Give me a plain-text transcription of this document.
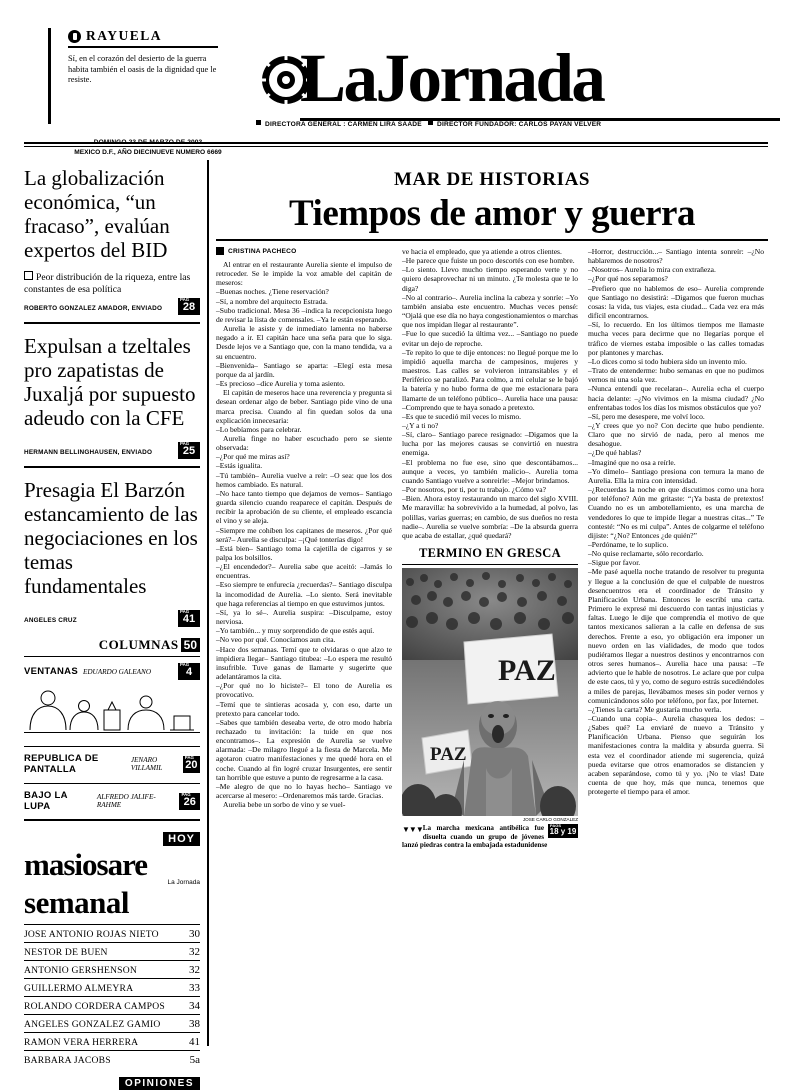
RAYUELA
Sí, en el corazón del desierto de la guerra habita también el oasis de la dignidad que le resiste.	LaJornada
DIRECTORA GENERAL : CARMEN LIRA SAADE DIRECTOR FUNDADOR: CARLOS PAYAN VELVER
MEXICO D.F., AÑO DIECINUEVE NUMERO 6669
La globalización económica, “un fracaso”, evalúan expertos del BID
Peor distribución de la riqueza, entre las constantes de esa política
PAG
28
ROBERTO GONZALEZ AMADOR, ENVIADO
Expulsan a tzeltales pro zapatistas de Juxaljá por supuesto adeudo con la CFE
PAG
25
HERMANN BELLINGHAUSEN, ENVIADO
Presagia El Barzón estancamiento de las negociaciones en los temas fundamentales
PAG
41
ANGELES CRUZ
COLUMNAS 50
VENTANAS EDUARDO GALEANO
PAG
4
REPUBLICA DE PANTALLA
JENARO VILLAMIL
PAG
20
BAJO LA LUPA
ALFREDO JALIFE-RAHME
PAG
26
HOY
masiosare
La Jornada
semanal
JOSE ANTONIO ROJAS NIETO	30
NESTOR DE BUEN	32
ANTONIO GERSHENSON	32
GUILLERMO ALMEYRA	33
ROLANDO CORDERA CAMPOS 34
ANGELES GONZALEZ GAMIO	38
RAMON VERA HERRERA	41
BARBARA JACOBS	5a
OPINIONES
MAR DE HISTORIAS
Tiempos de amor y guerra
CRISTINA PACHECO

Al entrar en el restaurante Aurelia siente el impulso de retroceder. Se le impide la voz amable del capitán de meseros:

–Buenas noches. ¿Tiene reservación?

–Sí, a nombre del arquitecto Estrada.

–Subo tradicional. Mesa 36 –indica la recepcionista luego de revisar la lista de comensales. –Ya le están esperando.

Aurelia le asiste y de inmediato lamenta no haberse negado a ir. El capitán hace una seña para que lo siga. Desde lejos ve a Santiago que, con la mano tendida, va a su encuentro.

–Bienvenida– Santiago se aparta: –Elegí esta mesa porque da al jardín.

–Es precioso –dice Aurelia y toma asiento.

El capitán de meseros hace una reverencia y pregunta si desean ordenar algo de beber. Santiago pide vino de una marca precisa. Cuando al fin quedan solos da una explicación innecesaria:

–Lo bebíamos para celebrar.

Aurelia finge no haber escuchado pero se siente observada:

–¿Por qué me miras así?

–Estás igualita.

–Tú también– Aurelia vuelve a reír: –O sea: que los dos hemos cambiado. Es natural.

–No hace tanto tiempo que dejamos de vernos– Santiago guarda silencio cuando reaparece el capitán. Después de recibir la aprobación de su cliente, el empleado escancia el vino y se aleja.

–Siempre me cohíben los capitanes de meseros. ¿Por qué será?– Aurelia se disculpa: –¡Qué tonterías digo!

–Está bien– Santiago toma la cajetilla de cigarros y se palpa los bolsillos.

–¿El encendedor?– Aurelia sabe que aceitó: –Jamás lo encuentras.

–Eso siempre te enfurecía ¿recuerdas?– Santiago disculpa la incomodidad de Aurelia. –Lo siento. Será inevitable que haga referencias al tiempo en que estuvimos juntos.

–Sí, ya lo sé–. Aurelia suspira: –Disculpame, estoy nerviosa.

–Yo también... y muy sorprendido de que estés aquí.

–No veo por qué. Conocíamos aun cita.

–Hace dos semanas. Temí que te olvidaras o que alzo te impidiera llegar– Santiago titubea: –Lo espera me resultó insufrible. Tuve ganas de llamarte y sugerirte que adelantáramos la cita.

–¿Por qué no lo hiciste?– El tono de Aurelia es provocativo.

–Temí que te sintieras acosada y, con eso, darte un pretexto para cancelar todo.

–Sabes que también deseaba verte, de otro modo habría rechazado tu invitación: la tuide en que nos encontramos–. La expresión de Aurelia se vuelve alarmada: –De milagro llegué a la fiesta de Marcela. Me agotaron cuatro manifestaciones y me quedé hora en el coche. Cuando al fin logré cruzar Insurgentes, ere sentir tan horrible que estuve a punto de regresarme a la casa.

–Me alegro de que no lo hayas hecho– Santiago ve acercarse al mesero: –Ordenaremos más tarde. Gracias.

Aurelia bebe un sorbo de vino y se vuel-

ve hacia el empleado, que ya atiende a otros clientes.

–He parece que fuiste un poco descortés con ese hombre.

–Lo siento. Llevo mucho tiempo esperando verte y no quiero desaprovechar ni un minuto. ¿Te molesta que te lo diga?

–No al contrario–. Aurelia inclina la cabeza y sonríe: –Yo también ansiaba este encuentro. Muchas veces pensé: “Ojalá que ese día no haya congestionamientos o marchas que nos impidan llegar al restaurante”.

–Fue lo que sucedió la última vez... –Santiago no puede evitar un dejo de reproche.

–Te repito lo que te dije entonces: no llegué porque me lo impidió aquella marcha de campesinos, mujeres y maestros. Las calles se volvieron intransitables y el Periférico se paralizó. Para colmo, a mi celular se le bajó la batería y no hubo forma de que me estacionara para llamarte de un teléfono público–. Aurelia hace una pausa: –Comprendo que te haya sonado a pretexto.

–Es que te sucedió mil veces lo mismo.

–¿Y a ti no?

–Sí, claro– Santiago parece resignado: –Digamos que la lucha por las mejores causas se convirtió en nuestra enemiga.

–El problema no fue ese, sino que descontábamos... aunque a veces, yo también malicio–. Aurelia toma cuando Santiago vuelve a sonreirle: –Mejor brindamos.

–Por nosotros, por ti, por tu trabajo. ¿Cómo va?

–Bien. Ahora estoy restaurando un marco del siglo XVIII. Me maravilla: ha sobrevivido a la humedad, al polvo, las polillas, varias guerras; en cambio, de sus dueños no resta nadie–. Aurelia se vuelve sombría: –De la absurda guerra que acaba de estallar, ¿qué quedará?

TERMINO EN GRESCA
PAZ
PAZ
JOSE CARLO GONZALEZ
PAGS
18 y 19
▼▼▼ La marcha mexicana antibélica fue disuelta cuando un grupo de jóvenes lanzó piedras contra la embajada estadunidense

–Horror, destrucción...– Santiago intenta sonreír: –¿No hablaremos de nosotros?

–Nosotros– Aurelia lo mira con extrañeza.

–¿Por qué nos separamos?

–Prefiero que no hablemos de eso– Aurelia comprende que Santiago no desistirá: –Digamos que fueron muchas cosas: la vida, tus viajes, esta ciudad... Cada vez era más difícil encontrarnos.

–Sí, lo recuerdo. En los últimos tiempos me llamaste mucha veces para decirme que no llegarías porque el tráfico de viernes estaba imposible o las calles tomadas por plantones y marchas.

–Lo dices como si todo hubiera sido un invento mío.

–Trato de entenderme: hubo semanas en que no pudimos vernos ni una sola vez.

–Nunca entendí que recelaran–. Aurelia echa el cuerpo hacia delante: –¿No vivimos en la misma ciudad? ¿No enfrentabas todos los días los mismos obstáculos que yo?

–Sí, pero me desespere, me volví loco.

–¿Y crees que yo no? Con decirte que hubo pendiente. Claro que no sirvió de nada, pero al menos me desahogue.

–¿De qué hablas?

–Imaginé que no osa a reírle.

–Yo dímelo– Santiago presiona con ternura la mano de Aurelia. Ella la mira con intensidad.

–¿Recuerdas la noche en que discutimos como una hora por teléfono? Aún me gritaste: “¡Ya basta de pretextos! Cuando no es un ambotellamiento, es una marcha de vendedores lo que te impide llegar a nuestras citas...” Te contesté: “No es mi culpa”. Antes de colgarme el teléfono dijiste: “¿No? Entonces ¿de quién?”

–Perdóname, te lo suplico.

–No quise reclamarte, sólo recordarlo.

–Sigue por favor.

–Me pasé aquella noche tratando de resolver tu pregunta y llegue a la conclusión de que el culpable de nuestros desencuentros era el coordinador de Tránsito y Planificación Urbana. Entonces le escribí una carta. Primero le expresé mi descuerdo con tantas injusticias y faltas. Luego le dije que comprendía el motivo de que tantos mexicanos salieran a la calle en defensa de sus derechos. Frente a eso, yo obligación era imponer un nuevo orden en las vialidades, de modo que todos pudiéramos llegar a nuestros destinos y encontrarnos con otros seres humanos–. Aurelia hace una pausa: –Te advierto que le hable de nosotros. Le aclare que por culpa de este caos, tú y yo, como de seguro estrás sucediéndoles a miles de parejas, llevábamos meses sin poder vernos y comunicándonos sólo por teléfono, por fax, por Internet.

–¿Tienes la carta? Me gustaría mucho verla.

–Cuando una copia–. Aurelia chasquea los dedos: –¿Sabes qué? La enviaré de nuevo a Tránsito y Planificación Urbana. Pienso que seguirán los manifestaciones contra la maldita y absurda guerra. Si esta vez el coordinador atiende mi sugerencia, quizá pueda evitarse que otros enamorados se distancien y acaben separándose, como tú y yo. ¡No te vías! Date cuenta de que hoy, más que nunca, tenemos que protegerte el tiempo para el amor.
